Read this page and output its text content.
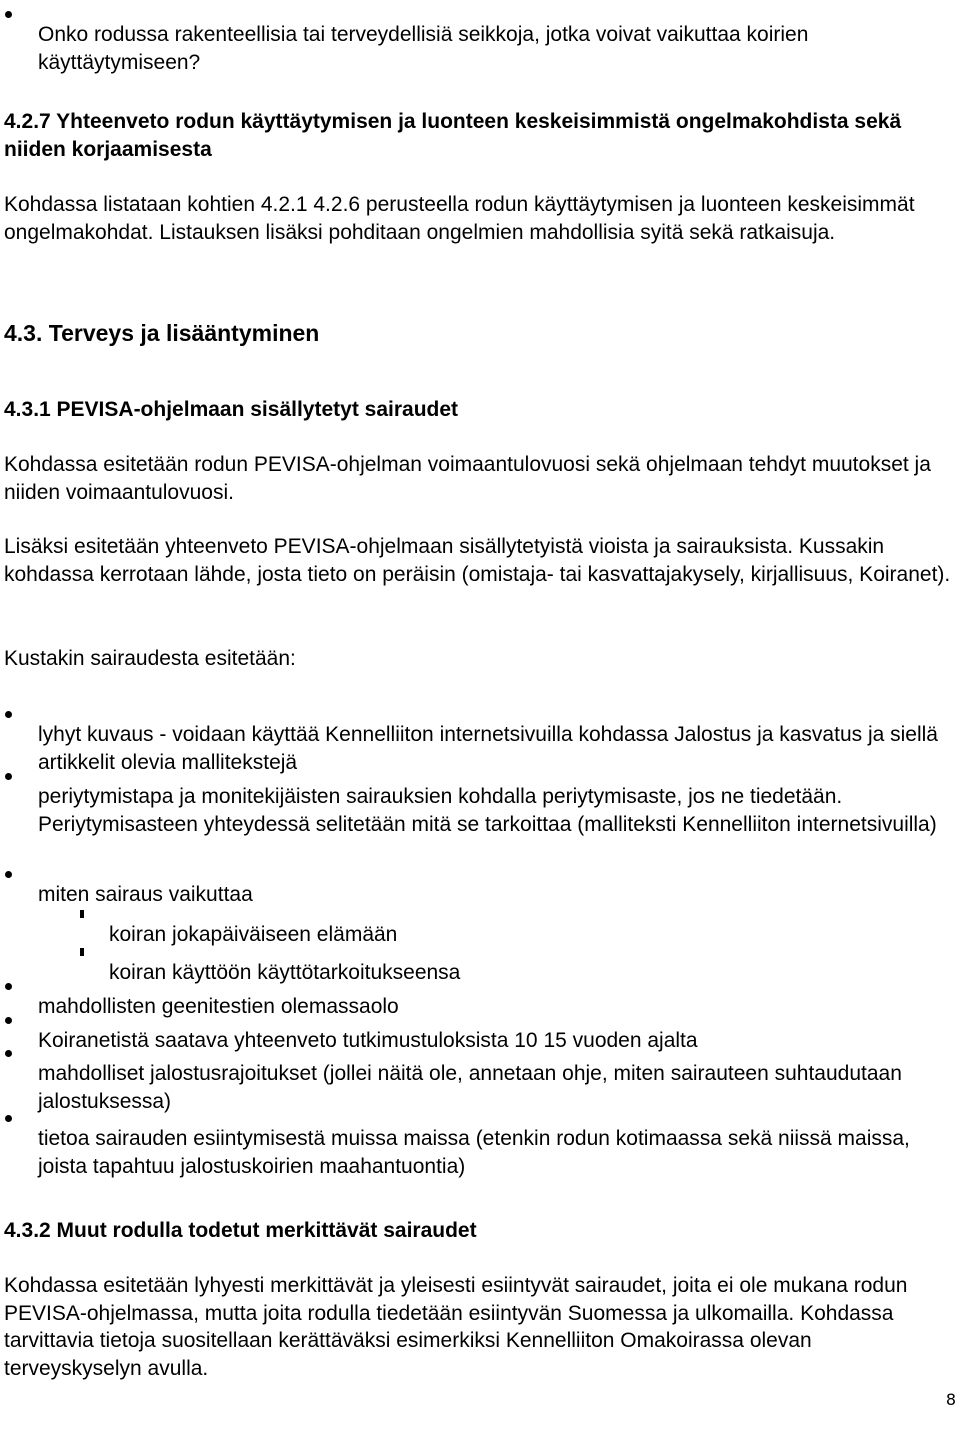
Onko rodussa rakenteellisia tai terveydellisiä seikkoja, jotka voivat vaikuttaa koirien käyttäytymiseen?

4.2.7 Yhteenveto rodun käyttäytymisen ja luonteen keskeisimmistä ongelmakohdista sekä niiden korjaamisesta

Kohdassa listataan kohtien 4.2.1 4.2.6 perusteella rodun käyttäytymisen ja luonteen keskeisimmät ongelmakohdat. Listauksen lisäksi pohditaan ongelmien mahdollisia syitä sekä ratkaisuja.

4.3. Terveys ja lisääntyminen

4.3.1 PEVISA-ohjelmaan sisällytetyt sairaudet

Kohdassa esitetään rodun PEVISA-ohjelman voimaantulovuosi sekä ohjelmaan tehdyt muutokset ja niiden voimaantulovuosi.

Lisäksi esitetään yhteenveto PEVISA-ohjelmaan sisällytetyistä vioista ja sairauksista. Kussakin kohdassa kerrotaan lähde, josta tieto on peräisin (omistaja- tai kasvattajakysely, kirjallisuus, Koiranet).

Kustakin sairaudesta esitetään:

lyhyt kuvaus - voidaan käyttää Kennelliiton internetsivuilla kohdassa Jalostus ja kasvatus ja siellä artikkelit olevia mallitekstejä

periytymistapa ja monitekijäisten sairauksien kohdalla periytymisaste, jos ne tiedetään. Periytymisasteen yhteydessä selitetään mitä se tarkoittaa (malliteksti Kennelliiton internetsivuilla)

miten sairaus vaikuttaa

koiran jokapäiväiseen elämään

koiran käyttöön käyttötarkoitukseensa

mahdollisten geenitestien olemassaolo

Koiranetistä saatava yhteenveto tutkimustuloksista 10 15 vuoden ajalta

mahdolliset jalostusrajoitukset (jollei näitä ole, annetaan ohje, miten sairauteen suhtaudutaan jalostuksessa)

tietoa sairauden esiintymisestä muissa maissa (etenkin rodun kotimaassa sekä niissä maissa, joista tapahtuu jalostuskoirien maahantuontia)

4.3.2 Muut rodulla todetut merkittävät sairaudet

Kohdassa esitetään lyhyesti merkittävät ja yleisesti esiintyvät sairaudet, joita ei ole mukana rodun PEVISA-ohjelmassa, mutta joita rodulla tiedetään esiintyvän Suomessa ja ulkomailla. Kohdassa tarvittavia tietoja suositellaan kerättäväksi esimerkiksi Kennelliiton Omakoirassa olevan terveyskyselyn avulla.

8
